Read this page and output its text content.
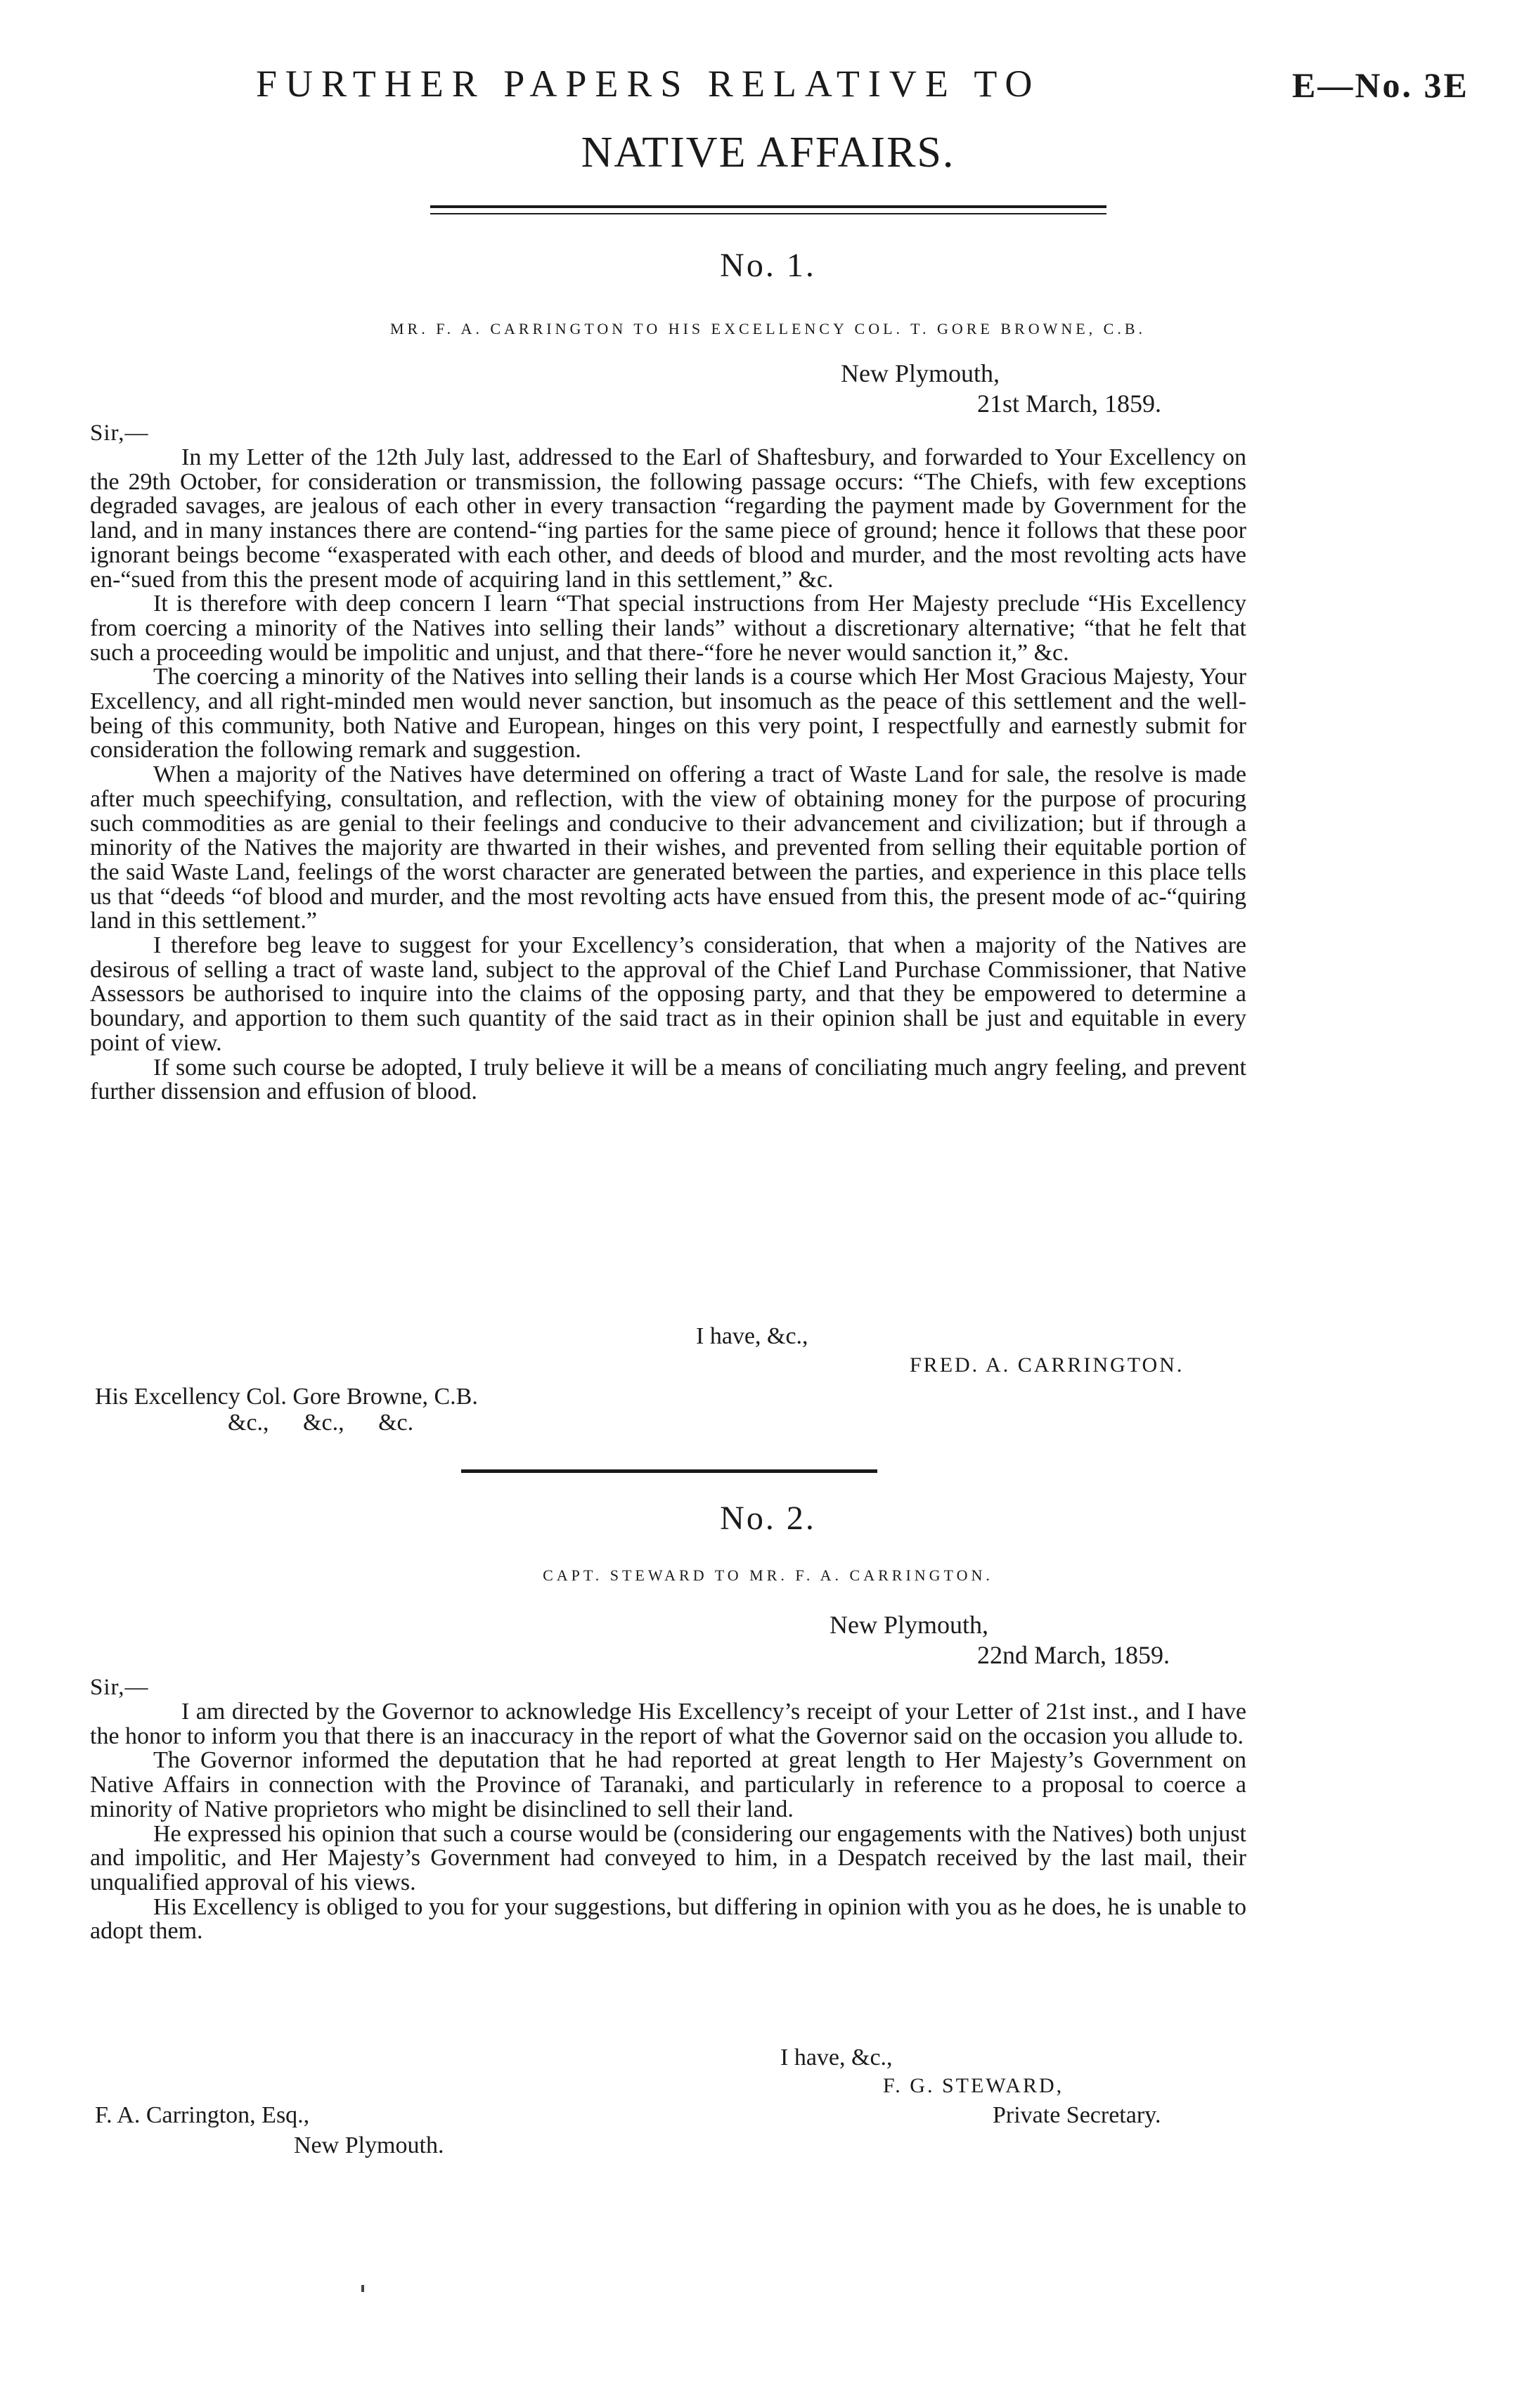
FURTHER PAPERS RELATIVE TO	E—No. 3E
NATIVE AFFAIRS.
No. 1.
MR. F. A. CARRINGTON TO HIS EXCELLENCY COL. T. GORE BROWNE, C.B.
New Plymouth,
21st March, 1859.
Sir,—

In my Letter of the 12th July last, addressed to the Earl of Shaftesbury, and forwarded to Your Excellency on the 29th October, for consideration or transmission, the following passage occurs: “The Chiefs, with few exceptions degraded savages, are jealous of each other in every transaction “regarding the payment made by Government for the land, and in many instances there are contend-“ing parties for the same piece of ground; hence it follows that these poor ignorant beings become “exasperated with each other, and deeds of blood and murder, and the most revolting acts have en-“sued from this the present mode of acquiring land in this settlement,” &c.

It is therefore with deep concern I learn “That special instructions from Her Majesty preclude “His Excellency from coercing a minority of the Natives into selling their lands” without a discretionary alternative; “that he felt that such a proceeding would be impolitic and unjust, and that there-“fore he never would sanction it,” &c.

The coercing a minority of the Natives into selling their lands is a course which Her Most Gracious Majesty, Your Excellency, and all right-minded men would never sanction, but insomuch as the peace of this settlement and the well-being of this community, both Native and European, hinges on this very point, I respectfully and earnestly submit for consideration the following remark and suggestion.

When a majority of the Natives have determined on offering a tract of Waste Land for sale, the resolve is made after much speechifying, consultation, and reflection, with the view of obtaining money for the purpose of procuring such commodities as are genial to their feelings and conducive to their advancement and civilization; but if through a minority of the Natives the majority are thwarted in their wishes, and prevented from selling their equitable portion of the said Waste Land, feelings of the worst character are generated between the parties, and experience in this place tells us that “deeds “of blood and murder, and the most revolting acts have ensued from this, the present mode of ac-“quiring land in this settlement.”

I therefore beg leave to suggest for your Excellency’s consideration, that when a majority of the Natives are desirous of selling a tract of waste land, subject to the approval of the Chief Land Purchase Commissioner, that Native Assessors be authorised to inquire into the claims of the opposing party, and that they be empowered to determine a boundary, and apportion to them such quantity of the said tract as in their opinion shall be just and equitable in every point of view.

If some such course be adopted, I truly believe it will be a means of conciliating much angry feeling, and prevent further dissension and effusion of blood.

I have, &c.,
FRED. A. CARRINGTON.
His Excellency Col. Gore Browne, C.B.
&c., &c., &c.
No. 2.
CAPT. STEWARD TO MR. F. A. CARRINGTON.
New Plymouth,
22nd March, 1859.
Sir,—

I am directed by the Governor to acknowledge His Excellency’s receipt of your Letter of 21st inst., and I have the honor to inform you that there is an inaccuracy in the report of what the Governor said on the occasion you allude to.

The Governor informed the deputation that he had reported at great length to Her Majesty’s Government on Native Affairs in connection with the Province of Taranaki, and particularly in reference to a proposal to coerce a minority of Native proprietors who might be disinclined to sell their land.

He expressed his opinion that such a course would be (considering our engagements with the Natives) both unjust and impolitic, and Her Majesty’s Government had conveyed to him, in a Despatch received by the last mail, their unqualified approval of his views.

His Excellency is obliged to you for your suggestions, but differing in opinion with you as he does, he is unable to adopt them.

I have, &c.,
F. G. STEWARD,
F. A. Carrington, Esq.,	Private Secretary.
New Plymouth.
